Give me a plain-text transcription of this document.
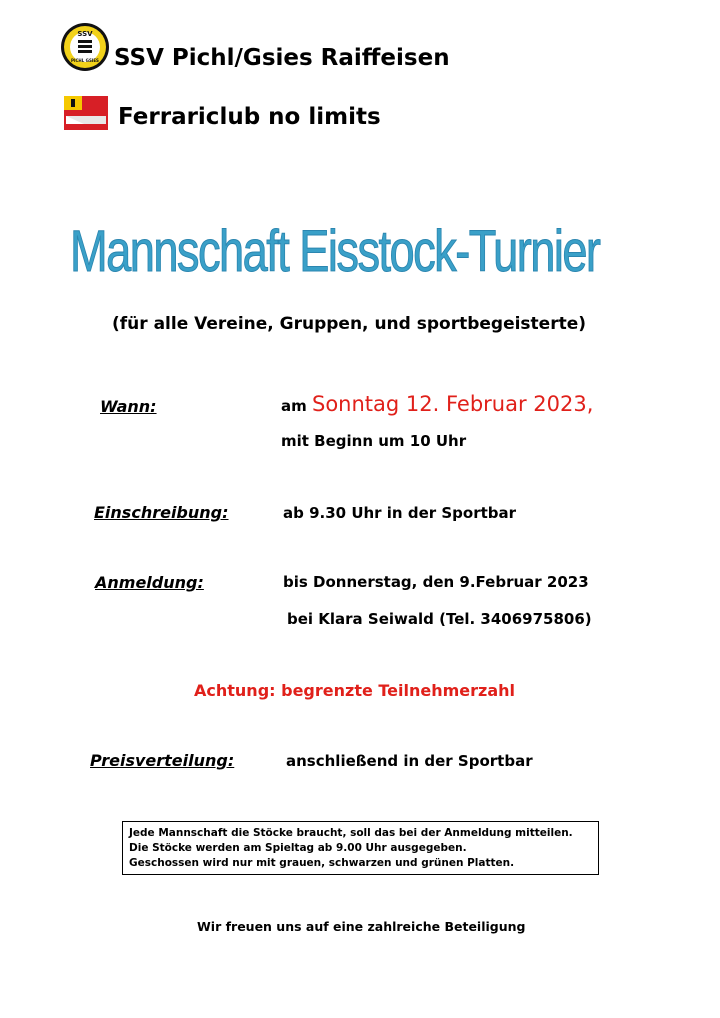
SSV
PICHL GSIES SSV Pichl/Gsies Raiffeisen
Ferrariclub no limits
Mannschaft Eisstock-Turnier
(für alle Vereine, Gruppen, und sportbegeisterte)
Wann:	am Sonntag 12. Februar 2023,
mit Beginn um 10 Uhr
Einschreibung:	ab 9.30 Uhr in der Sportbar
Anmeldung:	bis Donnerstag, den 9.Februar 2023
bei Klara Seiwald (Tel. 3406975806)
Achtung: begrenzte Teilnehmerzahl
Preisverteilung:	anschließend in der Sportbar
Jede Mannschaft die Stöcke braucht, soll das bei der Anmeldung mitteilen.
Die Stöcke werden am Spieltag ab 9.00 Uhr ausgegeben.
Geschossen wird nur mit grauen, schwarzen und grünen Platten.
Wir freuen uns auf eine zahlreiche Beteiligung
